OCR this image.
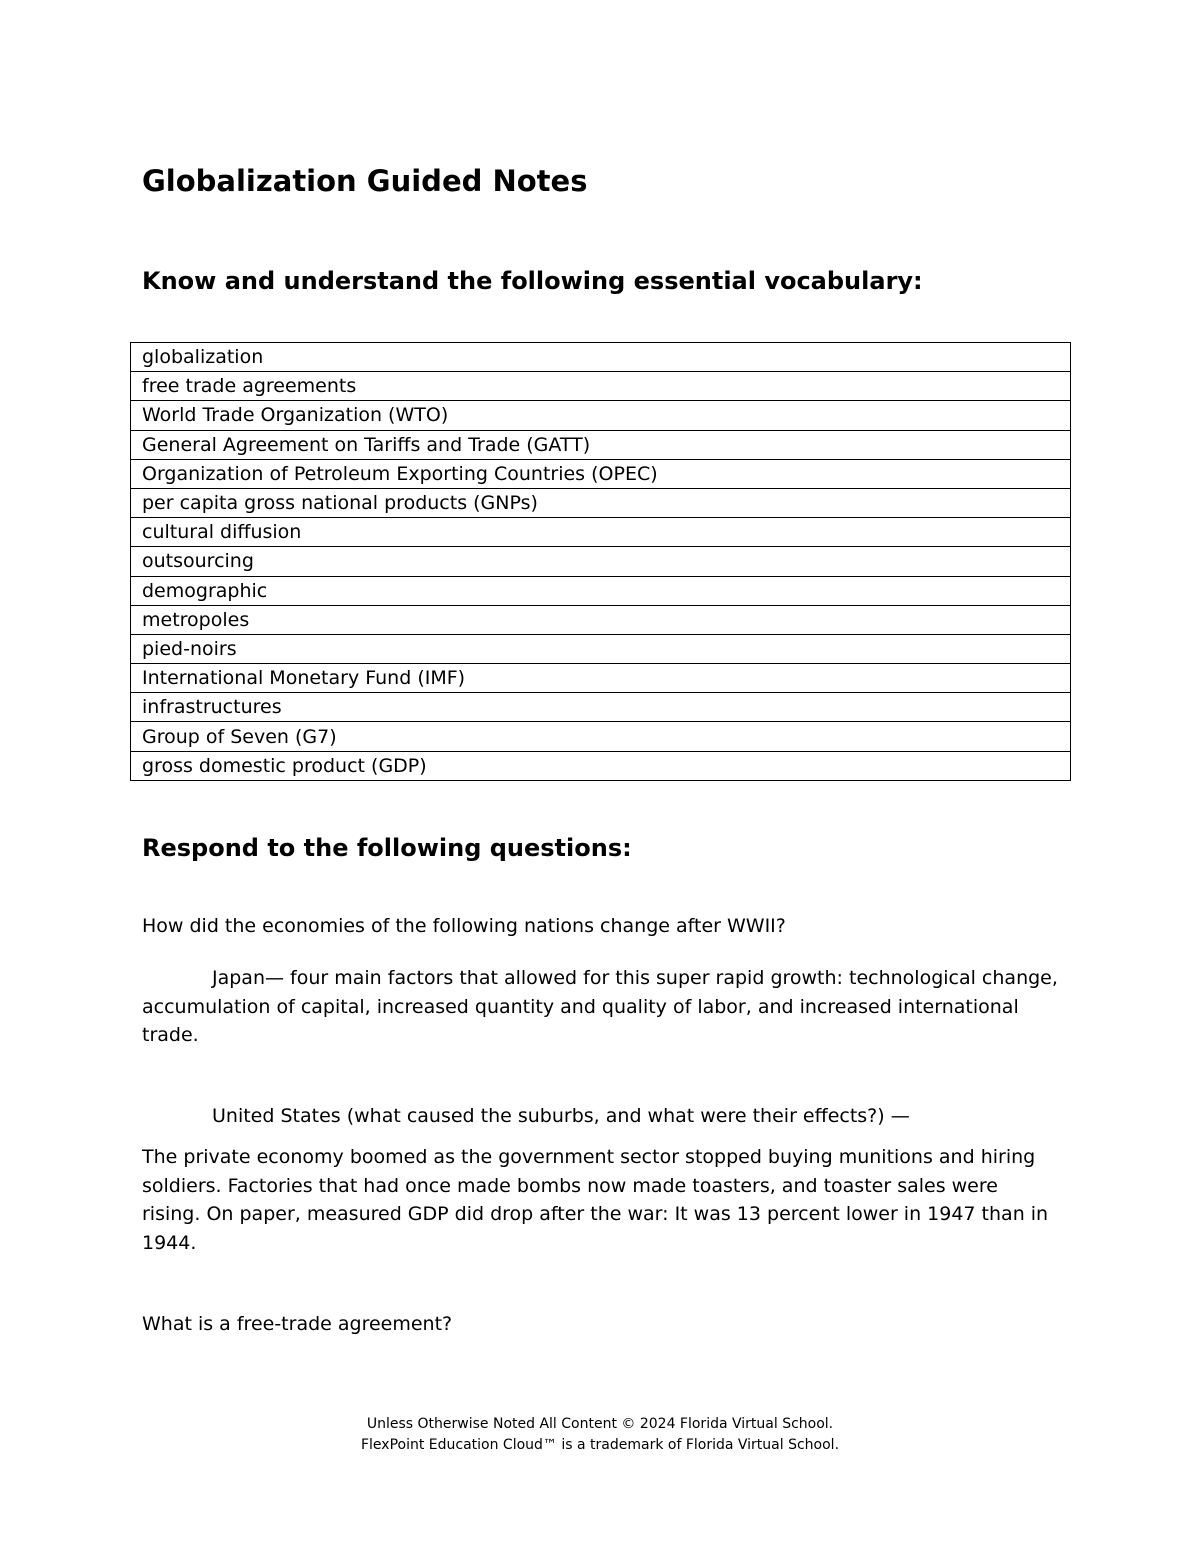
Globalization Guided Notes
Know and understand the following essential vocabulary:
globalization
free trade agreements
World Trade Organization (WTO)
General Agreement on Tariffs and Trade (GATT)
Organization of Petroleum Exporting Countries (OPEC)
per capita gross national products (GNPs)
cultural diffusion
outsourcing
demographic
metropoles
pied-noirs
International Monetary Fund (IMF)
infrastructures
Group of Seven (G7)
gross domestic product (GDP)
Respond to the following questions:

How did the economies of the following nations change after WWII?

Japan— four main factors that allowed for this super rapid growth: technological change, accumulation of capital, increased quantity and quality of labor, and increased international trade.

United States (what caused the suburbs, and what were their effects?) —

The private economy boomed as the government sector stopped buying munitions and hiring soldiers. Factories that had once made bombs now made toasters, and toaster sales were rising. On paper, measured GDP did drop after the war: It was 13 percent lower in 1947 than in 1944.

What is a free-trade agreement?

Unless Otherwise Noted All Content © 2024 Florida Virtual School.
FlexPoint Education Cloud™ is a trademark of Florida Virtual School.
